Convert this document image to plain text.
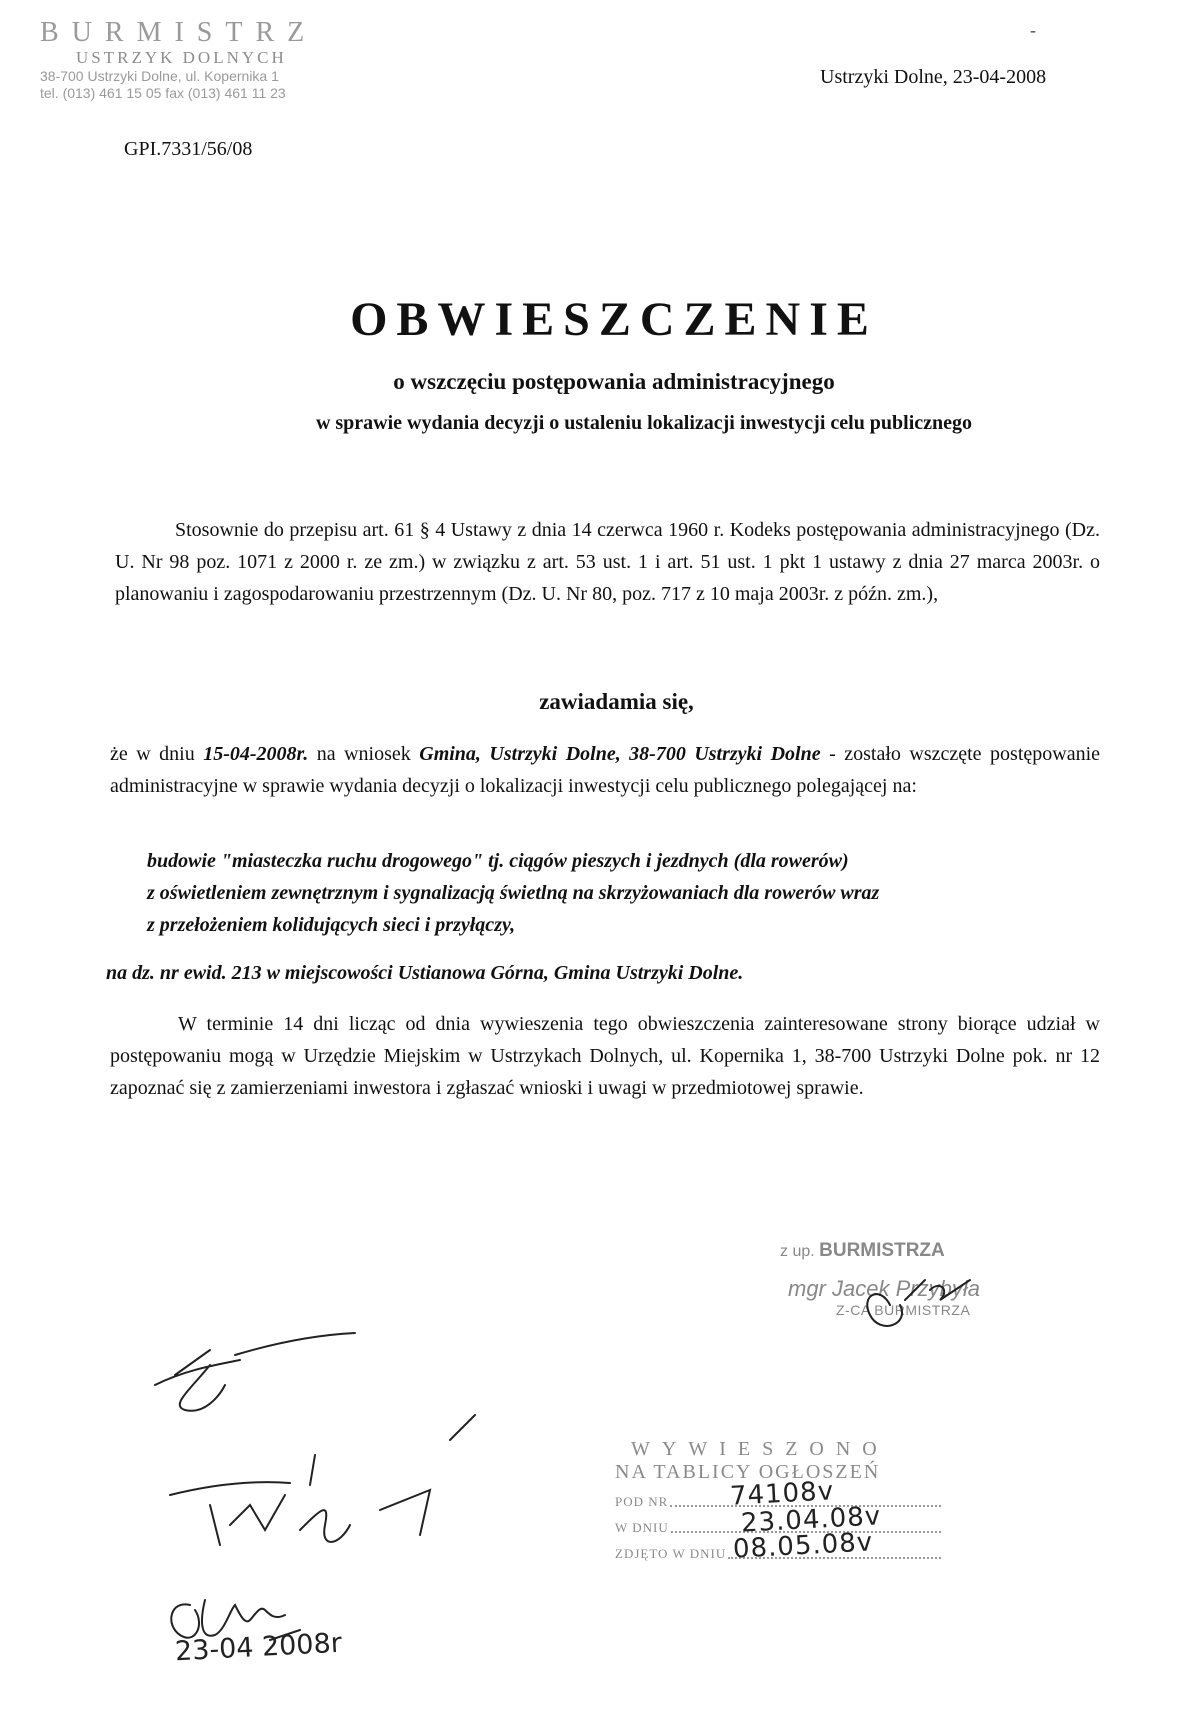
BURMISTRZ
USTRZYK DOLNYCH
38-700 Ustrzyki Dolne, ul. Kopernika 1
tel. (013) 461 15 05 fax (013) 461 11 23
-
Ustrzyki Dolne, 23-04-2008
GPI.7331/56/08
OBWIESZCZENIE
o wszczęciu postępowania administracyjnego
w sprawie wydania decyzji o ustaleniu lokalizacji inwestycji celu publicznego
Stosownie do przepisu art. 61 § 4 Ustawy z dnia 14 czerwca 1960 r. Kodeks postępowania administracyjnego (Dz. U. Nr 98 poz. 1071 z 2000 r. ze zm.) w związku z art. 53 ust. 1 i art. 51 ust. 1 pkt 1 ustawy z dnia 27 marca 2003r. o planowaniu i zagospodarowaniu przestrzennym (Dz. U. Nr 80, poz. 717 z 10 maja 2003r. z późn. zm.),
zawiadamia się,
że w dniu 15-04-2008r. na wniosek Gmina, Ustrzyki Dolne, 38-700 Ustrzyki Dolne - zostało wszczęte postępowanie administracyjne w sprawie wydania decyzji o lokalizacji inwestycji celu publicznego polegającej na:
budowie "miasteczka ruchu drogowego" tj. ciągów pieszych i jezdnych (dla rowerów)
z oświetleniem zewnętrznym i sygnalizacją świetlną na skrzyżowaniach dla rowerów wraz
z przełożeniem kolidujących sieci i przyłączy,
na dz. nr ewid. 213 w miejscowości Ustianowa Górna, Gmina Ustrzyki Dolne.
W terminie 14 dni licząc od dnia wywieszenia tego obwieszczenia zainteresowane strony biorące udział w postępowaniu mogą w Urzędzie Miejskim w Ustrzykach Dolnych, ul. Kopernika 1, 38-700 Ustrzyki Dolne pok. nr 12 zapoznać się z zamierzeniami inwestora i zgłaszać wnioski i uwagi w przedmiotowej sprawie.
z up. BURMISTRZA
mgr Jacek Przybyła
Z-CA BURMISTRZA
WYWIESZONO
NA TABLICY OGŁOSZEŃ
POD NR 74108v
W DNIU	23.04.08v
ZDJĘTO W DNIU 08.05.08v
23-04 2008r
